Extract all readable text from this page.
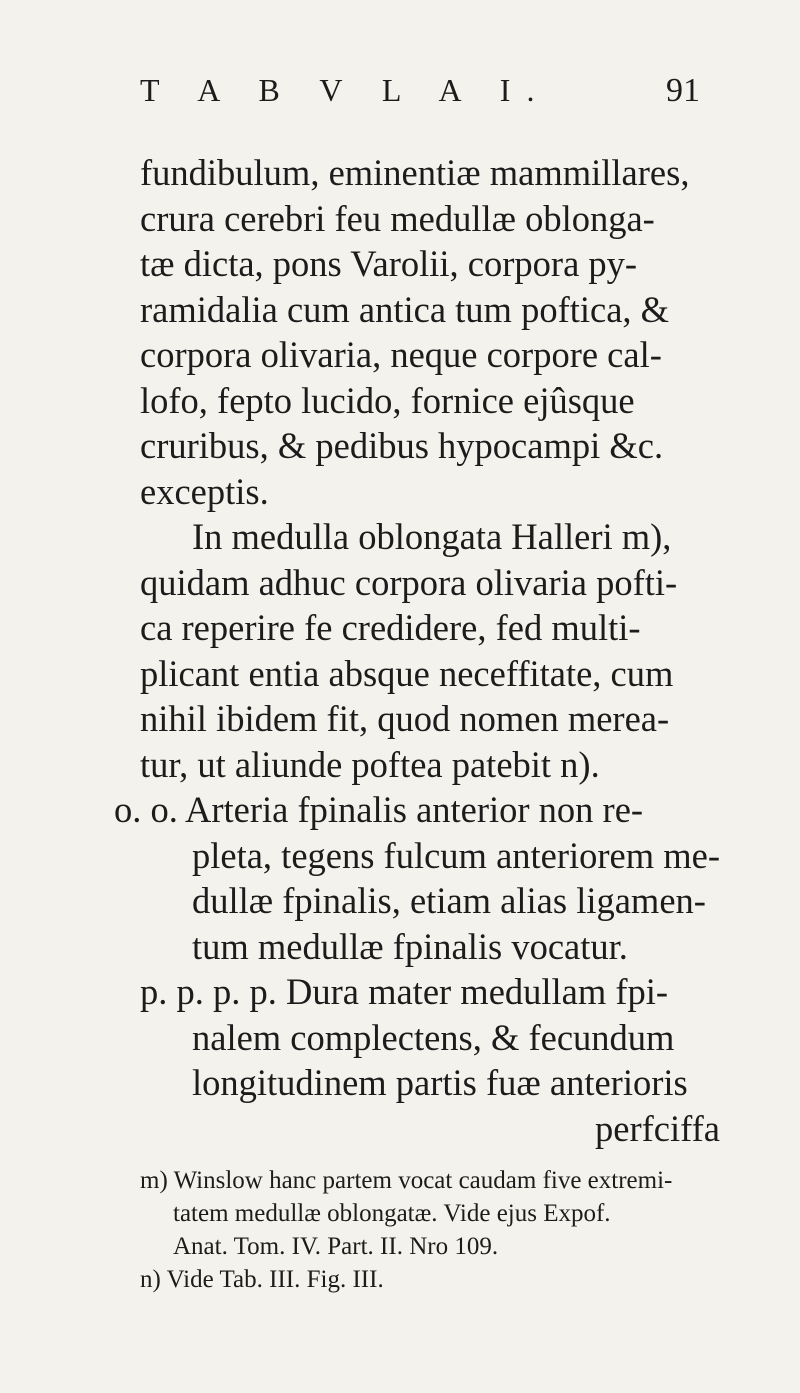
T A B V L A I.	91
fundibulum, eminentiæ mammillares,
crura cerebri feu medullæ oblonga-
tæ dicta, pons Varolii, corpora py-
ramidalia cum antica tum poftica, &
corpora olivaria, neque corpore cal-
lofo, fepto lucido, fornice ejûsque
cruribus, & pedibus hypocampi &c.
exceptis.
In medulla oblongata Halleri m),
quidam adhuc corpora olivaria pofti-
ca reperire fe credidere, fed multi-
plicant entia absque neceffitate, cum
nihil ibidem fit, quod nomen merea-
tur, ut aliunde poftea patebit n).
o. o. Arteria fpinalis anterior non re-
pleta, tegens fulcum anteriorem me-
dullæ fpinalis, etiam alias ligamen-
tum medullæ fpinalis vocatur.
p. p. p. p. Dura mater medullam fpi-
nalem complectens, & fecundum
longitudinem partis fuæ anterioris
perfciffa
m) Winslow hanc partem vocat caudam five extremi-
tatem medullæ oblongatæ. Vide ejus Expof.
Anat. Tom. IV. Part. II. Nro 109.
n) Vide Tab. III. Fig. III.
